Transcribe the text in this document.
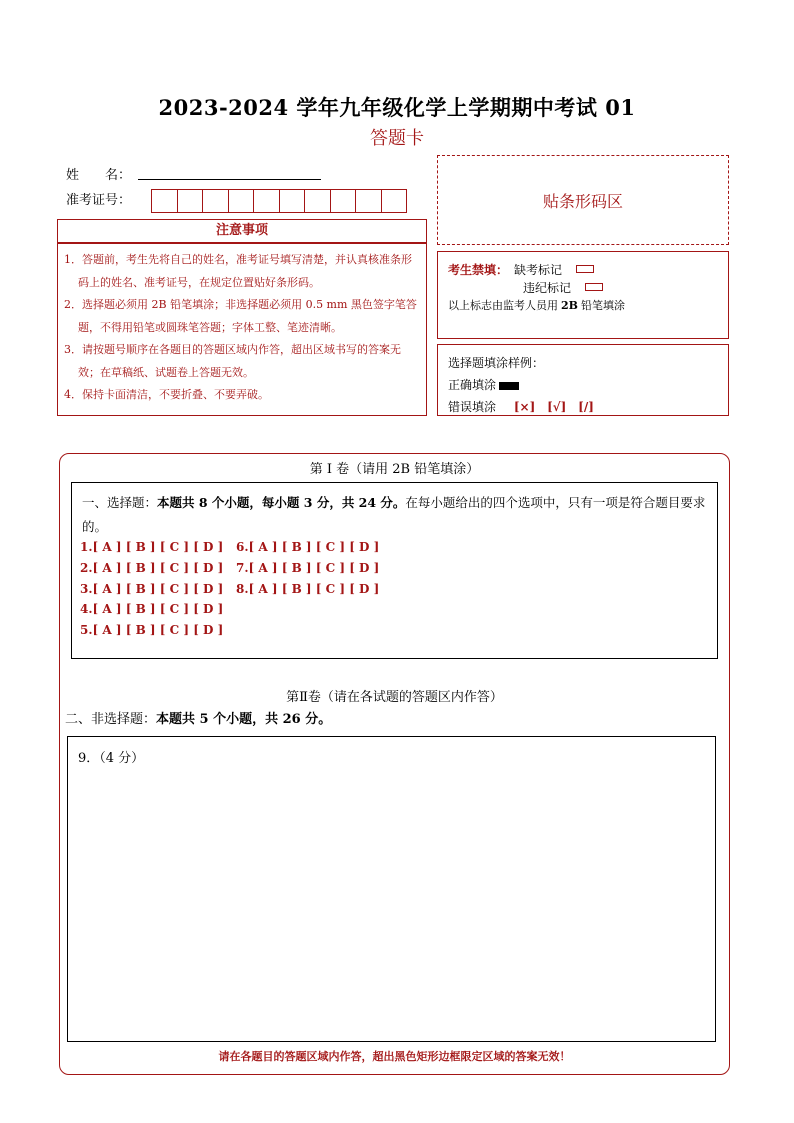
2023-2024 学年九年级化学上学期期中考试 01
答题卡
姓　　名：
准考证号：	贴条形码区
注意事项
1．答题前，考生先将自己的姓名，准考证号填写清楚，并认真核准条形码上的姓名、准考证号，在规定位置贴好条形码。
2．选择题必须用 2B 铅笔填涂；非选择题必须用 0.5 mm 黑色签字笔答题，不得用铅笔或圆珠笔答题；字体工整、笔迹清晰。
3．请按题号顺序在各题目的答题区域内作答，超出区域书写的答案无效；在草稿纸、试题卷上答题无效。
4．保持卡面清洁，不要折叠、不要弄破。
考生禁填： 缺考标记
违纪标记
以上标志由监考人员用 2B 铅笔填涂
选择题填涂样例：
正确填涂
错误填涂 [×] [√] [/]
第 I 卷（请用 2B 铅笔填涂）
一、选择题：本题共 8 个小题，每小题 3 分，共 24 分。在每小题给出的四个选项中，只有一项是符合题目要求的。
1.[ A ] [ B ] [ C ] [ D ]
2.[ A ] [ B ] [ C ] [ D ]
3.[ A ] [ B ] [ C ] [ D ]
4.[ A ] [ B ] [ C ] [ D ]
5.[ A ] [ B ] [ C ] [ D ]
6.[ A ] [ B ] [ C ] [ D ]
7.[ A ] [ B ] [ C ] [ D ]
8.[ A ] [ B ] [ C ] [ D ]
第Ⅱ卷（请在各试题的答题区内作答）
二、非选择题：本题共 5 个小题，共 26 分。
9．（4 分）
请在各题目的答题区域内作答，超出黑色矩形边框限定区域的答案无效！
